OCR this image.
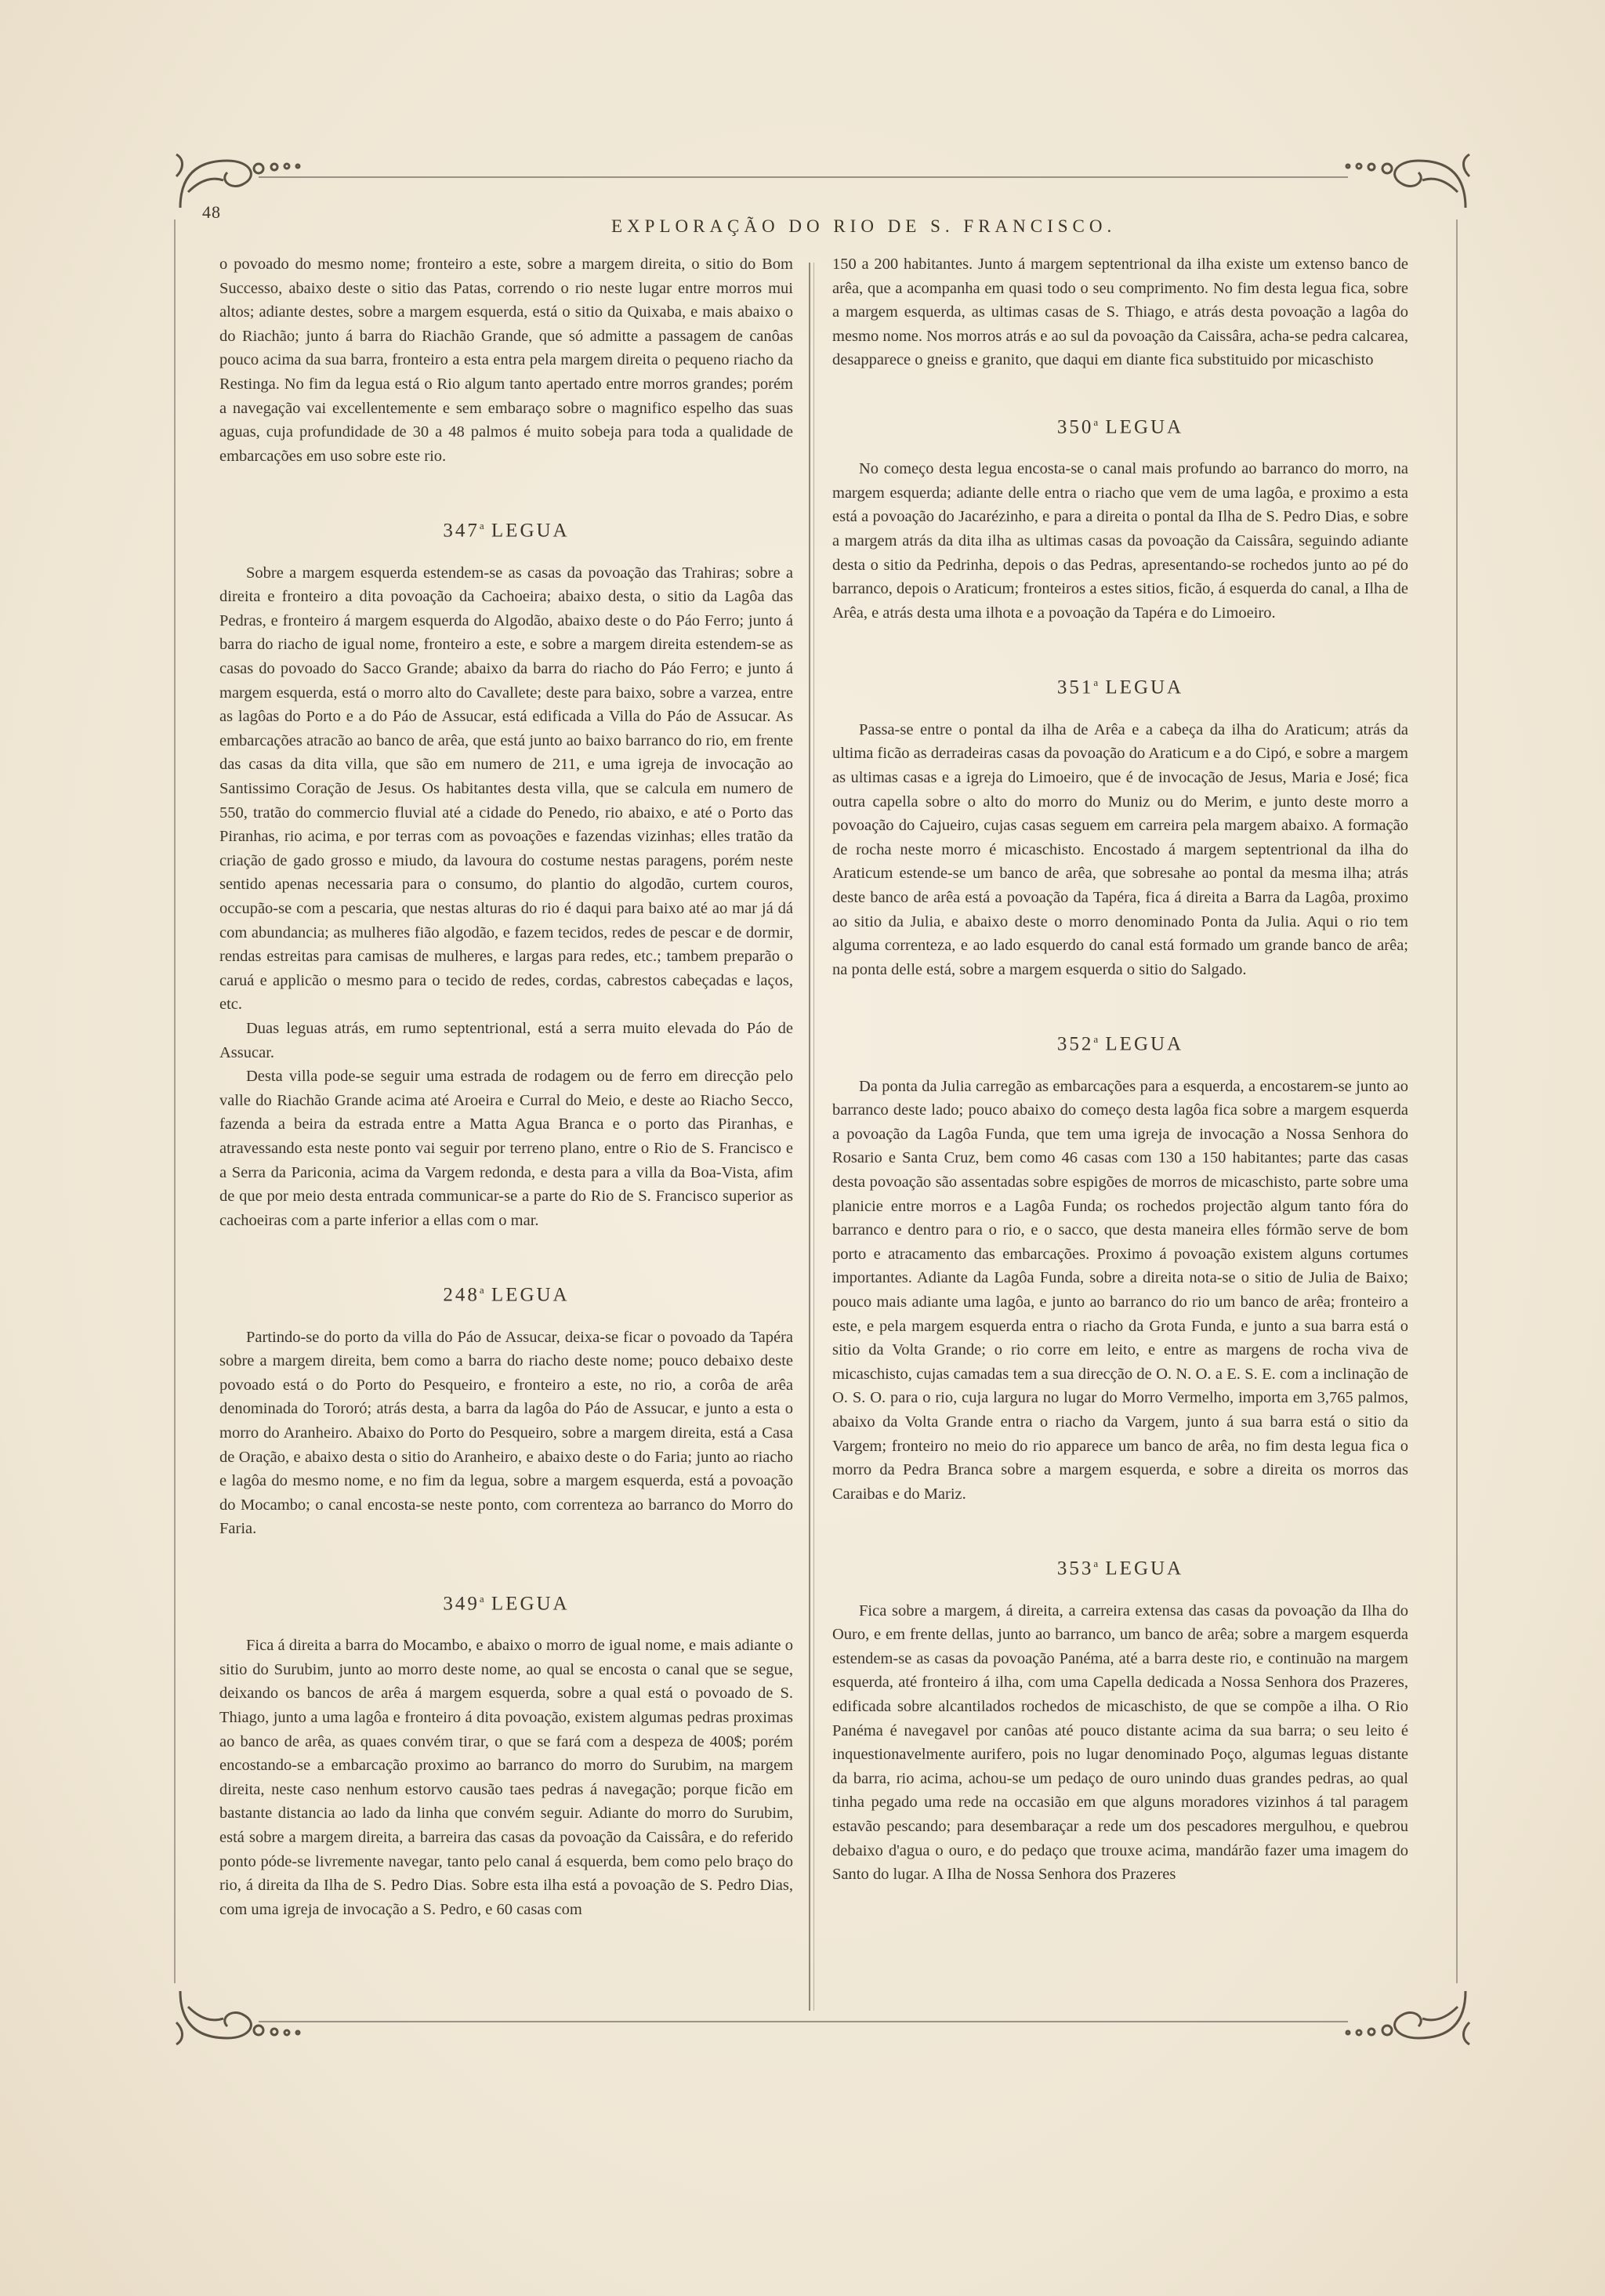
48
EXPLORAÇÃO DO RIO DE S. FRANCISCO.

o povoado do mesmo nome; fronteiro a este, sobre a margem direita, o sitio do Bom Successo, abaixo deste o sitio das Patas, correndo o rio neste lugar entre morros mui altos; adiante destes, sobre a margem esquerda, está o sitio da Quixaba, e mais abaixo o do Riachão; junto á barra do Riachão Grande, que só admitte a passagem de canôas pouco acima da sua barra, fronteiro a esta entra pela margem direita o pequeno riacho da Restinga. No fim da legua está o Rio algum tanto apertado entre morros grandes; porém a navegação vai excellentemente e sem embaraço sobre o magnifico espelho das suas aguas, cuja profundidade de 30 a 48 palmos é muito sobeja para toda a qualidade de embarcações em uso sobre este rio.

347$^a$ LEGUA

Sobre a margem esquerda estendem-se as casas da povoação das Trahiras; sobre a direita e fronteiro a dita povoação da Cachoeira; abaixo desta, o sitio da Lagôa das Pedras, e fronteiro á margem esquerda do Algodão, abaixo deste o do Páo Ferro; junto á barra do riacho de igual nome, fronteiro a este, e sobre a margem direita estendem-se as casas do povoado do Sacco Grande; abaixo da barra do riacho do Páo Ferro; e junto á margem esquerda, está o morro alto do Cavallete; deste para baixo, sobre a varzea, entre as lagôas do Porto e a do Páo de Assucar, está edificada a Villa do Páo de Assucar. As embarcações atracão ao banco de arêa, que está junto ao baixo barranco do rio, em frente das casas da dita villa, que são em numero de 211, e uma igreja de invocação ao Santissimo Coração de Jesus. Os habitantes desta villa, que se calcula em numero de 550, tratão do commercio fluvial até a cidade do Penedo, rio abaixo, e até o Porto das Piranhas, rio acima, e por terras com as povoações e fazendas vizinhas; elles tratão da criação de gado grosso e miudo, da lavoura do costume nestas paragens, porém neste sentido apenas necessaria para o consumo, do plantio do algodão, curtem couros, occupão-se com a pescaria, que nestas alturas do rio é daqui para baixo até ao mar já dá com abundancia; as mulheres fião algodão, e fazem tecidos, redes de pescar e de dormir, rendas estreitas para camisas de mulheres, e largas para redes, etc.; tambem preparão o caruá e applicão o mesmo para o tecido de redes, cordas, cabrestos cabeçadas e laços, etc.

Duas leguas atrás, em rumo septentrional, está a serra muito elevada do Páo de Assucar.

Desta villa pode-se seguir uma estrada de rodagem ou de ferro em direcção pelo valle do Riachão Grande acima até Aroeira e Curral do Meio, e deste ao Riacho Secco, fazenda a beira da estrada entre a Matta Agua Branca e o porto das Piranhas, e atravessando esta neste ponto vai seguir por terreno plano, entre o Rio de S. Francisco e a Serra da Pariconia, acima da Vargem redonda, e desta para a villa da Boa-Vista, afim de que por meio desta entrada communicar-se a parte do Rio de S. Francisco superior as cachoeiras com a parte inferior a ellas com o mar.

248$^a$ LEGUA

Partindo-se do porto da villa do Páo de Assucar, deixa-se ficar o povoado da Tapéra sobre a margem direita, bem como a barra do riacho deste nome; pouco debaixo deste povoado está o do Porto do Pesqueiro, e fronteiro a este, no rio, a corôa de arêa denominada do Tororó; atrás desta, a barra da lagôa do Páo de Assucar, e junto a esta o morro do Aranheiro. Abaixo do Porto do Pesqueiro, sobre a margem direita, está a Casa de Oração, e abaixo desta o sitio do Aranheiro, e abaixo deste o do Faria; junto ao riacho e lagôa do mesmo nome, e no fim da legua, sobre a margem esquerda, está a povoação do Mocambo; o canal encosta-se neste ponto, com correnteza ao barranco do Morro do Faria.

349$^a$ LEGUA

Fica á direita a barra do Mocambo, e abaixo o morro de igual nome, e mais adiante o sitio do Surubim, junto ao morro deste nome, ao qual se encosta o canal que se segue, deixando os bancos de arêa á margem esquerda, sobre a qual está o povoado de S. Thiago, junto a uma lagôa e fronteiro á dita povoação, existem algumas pedras proximas ao banco de arêa, as quaes convém tirar, o que se fará com a despeza de 400$; porém encostando-se a embarcação proximo ao barranco do morro do Surubim, na margem direita, neste caso nenhum estorvo causão taes pedras á navegação; porque ficão em bastante distancia ao lado da linha que convém seguir. Adiante do morro do Surubim, está sobre a margem direita, a barreira das casas da povoação da Caissâra, e do referido ponto póde-se livremente navegar, tanto pelo canal á esquerda, bem como pelo braço do rio, á direita da Ilha de S. Pedro Dias. Sobre esta ilha está a povoação de S. Pedro Dias, com uma igreja de invocação a S. Pedro, e 60 casas com

150 a 200 habitantes. Junto á margem septentrional da ilha existe um extenso banco de arêa, que a acompanha em quasi todo o seu comprimento. No fim desta legua fica, sobre a margem esquerda, as ultimas casas de S. Thiago, e atrás desta povoação a lagôa do mesmo nome. Nos morros atrás e ao sul da povoação da Caissâra, acha-se pedra calcarea, desapparece o gneiss e granito, que daqui em diante fica substituido por micaschisto

350$^a$ LEGUA

No começo desta legua encosta-se o canal mais profundo ao barranco do morro, na margem esquerda; adiante delle entra o riacho que vem de uma lagôa, e proximo a esta está a povoação do Jacarézinho, e para a direita o pontal da Ilha de S. Pedro Dias, e sobre a margem atrás da dita ilha as ultimas casas da povoação da Caissâra, seguindo adiante desta o sitio da Pedrinha, depois o das Pedras, apresentando-se rochedos junto ao pé do barranco, depois o Araticum; fronteiros a estes sitios, ficão, á esquerda do canal, a Ilha de Arêa, e atrás desta uma ilhota e a povoação da Tapéra e do Limoeiro.

351$^a$ LEGUA

Passa-se entre o pontal da ilha de Arêa e a cabeça da ilha do Araticum; atrás da ultima ficão as derradeiras casas da povoação do Araticum e a do Cipó, e sobre a margem as ultimas casas e a igreja do Limoeiro, que é de invocação de Jesus, Maria e José; fica outra capella sobre o alto do morro do Muniz ou do Merim, e junto deste morro a povoação do Cajueiro, cujas casas seguem em carreira pela margem abaixo. A formação de rocha neste morro é micaschisto. Encostado á margem septentrional da ilha do Araticum estende-se um banco de arêa, que sobresahe ao pontal da mesma ilha; atrás deste banco de arêa está a povoação da Tapéra, fica á direita a Barra da Lagôa, proximo ao sitio da Julia, e abaixo deste o morro denominado Ponta da Julia. Aqui o rio tem alguma correnteza, e ao lado esquerdo do canal está formado um grande banco de arêa; na ponta delle está, sobre a margem esquerda o sitio do Salgado.

352$^a$ LEGUA

Da ponta da Julia carregão as embarcações para a esquerda, a encostarem-se junto ao barranco deste lado; pouco abaixo do começo desta lagôa fica sobre a margem esquerda a povoação da Lagôa Funda, que tem uma igreja de invocação a Nossa Senhora do Rosario e Santa Cruz, bem como 46 casas com 130 a 150 habitantes; parte das casas desta povoação são assentadas sobre espigões de morros de micaschisto, parte sobre uma planicie entre morros e a Lagôa Funda; os rochedos projectão algum tanto fóra do barranco e dentro para o rio, e o sacco, que desta maneira elles fórmão serve de bom porto e atracamento das embarcações. Proximo á povoação existem alguns cortumes importantes. Adiante da Lagôa Funda, sobre a direita nota-se o sitio de Julia de Baixo; pouco mais adiante uma lagôa, e junto ao barranco do rio um banco de arêa; fronteiro a este, e pela margem esquerda entra o riacho da Grota Funda, e junto a sua barra está o sitio da Volta Grande; o rio corre em leito, e entre as margens de rocha viva de micaschisto, cujas camadas tem a sua direcção de O. N. O. a E. S. E. com a inclinação de O. S. O. para o rio, cuja largura no lugar do Morro Vermelho, importa em 3,765 palmos, abaixo da Volta Grande entra o riacho da Vargem, junto á sua barra está o sitio da Vargem; fronteiro no meio do rio apparece um banco de arêa, no fim desta legua fica o morro da Pedra Branca sobre a margem esquerda, e sobre a direita os morros das Caraibas e do Mariz.

353$^a$ LEGUA

Fica sobre a margem, á direita, a carreira extensa das casas da povoação da Ilha do Ouro, e em frente dellas, junto ao barranco, um banco de arêa; sobre a margem esquerda estendem-se as casas da povoação Panéma, até a barra deste rio, e continuão na margem esquerda, até fronteiro á ilha, com uma Capella dedicada a Nossa Senhora dos Prazeres, edificada sobre alcantilados rochedos de micaschisto, de que se compõe a ilha. O Rio Panéma é navegavel por canôas até pouco distante acima da sua barra; o seu leito é inquestionavelmente aurifero, pois no lugar denominado Poço, algumas leguas distante da barra, rio acima, achou-se um pedaço de ouro unindo duas grandes pedras, ao qual tinha pegado uma rede na occasião em que alguns moradores vizinhos á tal paragem estavão pescando; para desembaraçar a rede um dos pescadores mergulhou, e quebrou debaixo d'agua o ouro, e do pedaço que trouxe acima, mandárão fazer uma imagem do Santo do lugar. A Ilha de Nossa Senhora dos Prazeres
